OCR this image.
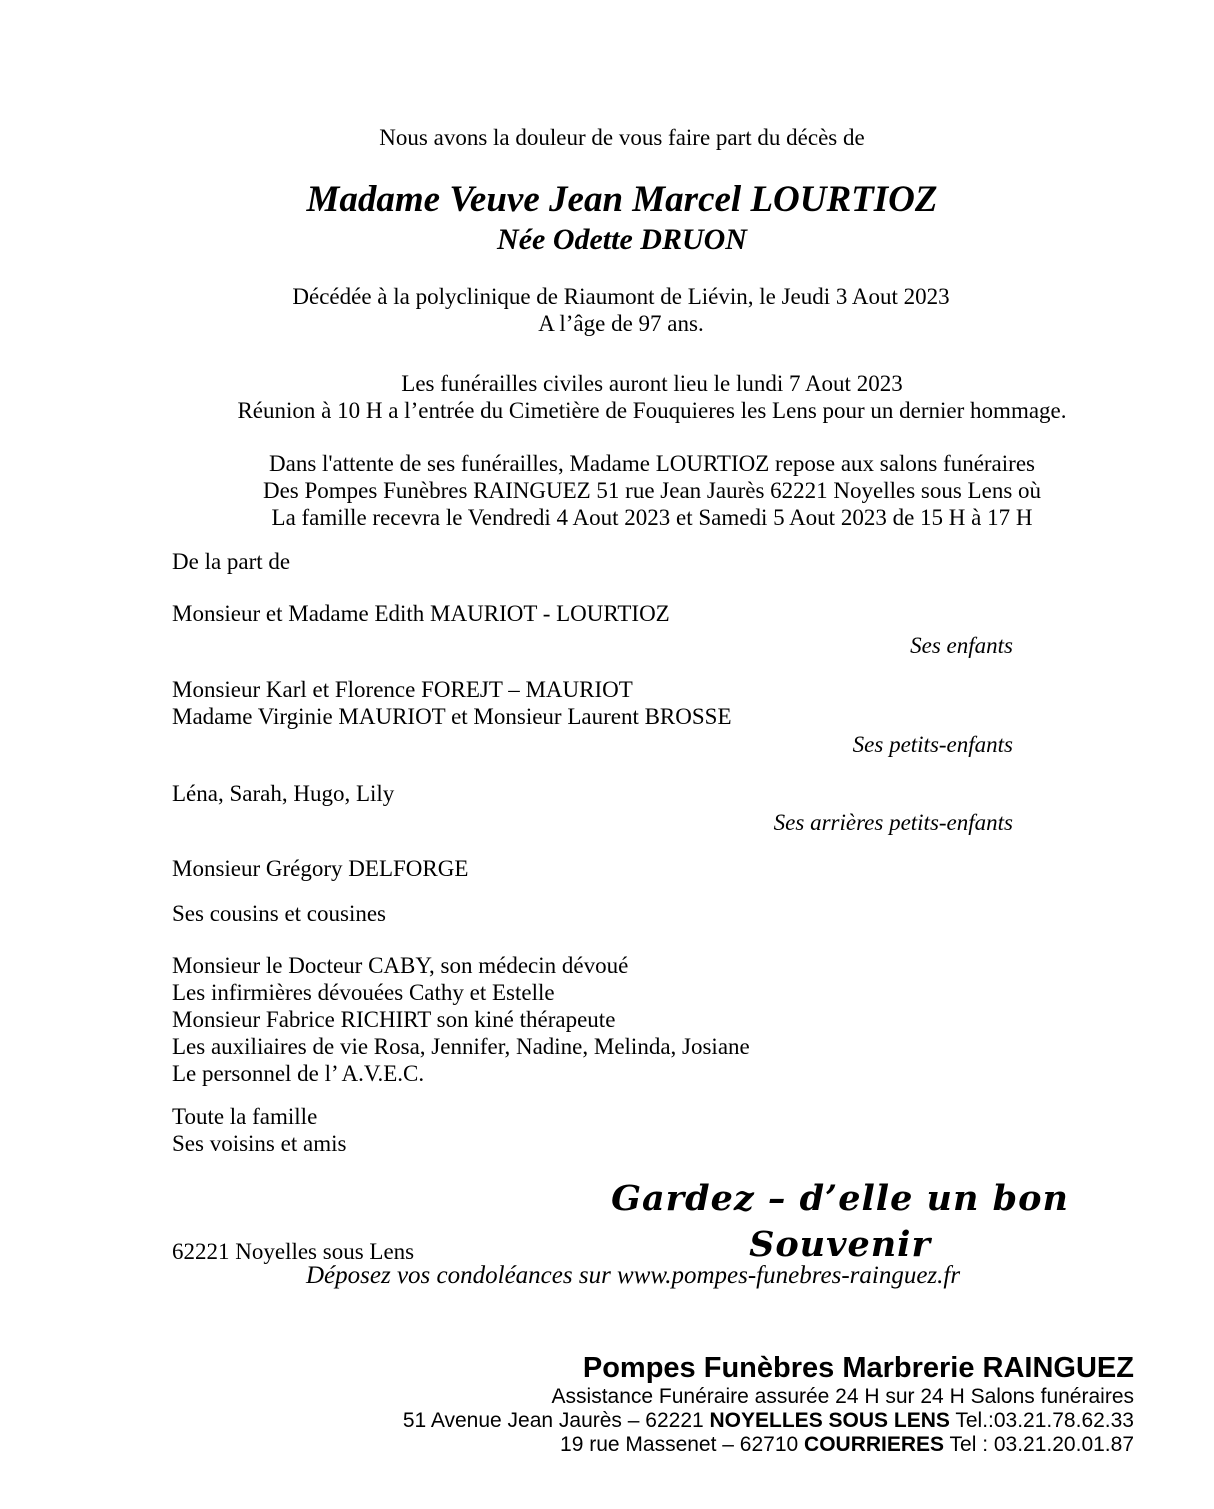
Nous avons la douleur de vous faire part du décès de
Madame Veuve Jean Marcel LOURTIOZ
Née Odette DRUON
Décédée à la polyclinique de Riaumont de Liévin, le Jeudi 3 Aout 2023
A l’âge de 97 ans.
Les funérailles civiles auront lieu le lundi 7 Aout 2023
Réunion à 10 H a l’entrée du Cimetière de Fouquieres les Lens pour un dernier hommage.
Dans l'attente de ses funérailles, Madame LOURTIOZ repose aux salons funéraires
Des Pompes Funèbres RAINGUEZ 51 rue Jean Jaurès 62221 Noyelles sous Lens où
La famille recevra le Vendredi 4 Aout 2023 et Samedi 5 Aout 2023 de 15 H à 17 H
De la part de
Monsieur et Madame Edith MAURIOT - LOURTIOZ
Ses enfants
Monsieur Karl et Florence FOREJT – MAURIOT
Madame Virginie MAURIOT et Monsieur Laurent BROSSE
Ses petits-enfants
Léna, Sarah, Hugo, Lily
Ses arrières petits-enfants
Monsieur Grégory DELFORGE
Ses cousins et cousines
Monsieur le Docteur CABY, son médecin dévoué
Les infirmières dévouées Cathy et Estelle
Monsieur Fabrice RICHIRT son kiné thérapeute
Les auxiliaires de vie Rosa, Jennifer, Nadine, Melinda, Josiane
Le personnel de l’ A.V.E.C.
Toute la famille
Ses voisins et amis
Gardez – d’elle un bon Souvenir
62221 Noyelles sous Lens
Déposez vos condoléances sur www.pompes-funebres-rainguez.fr
Pompes Funèbres Marbrerie RAINGUEZ
Assistance Funéraire assurée 24 H sur 24 H Salons funéraires
51 Avenue Jean Jaurès – 62221 NOYELLES SOUS LENS Tel.:03.21.78.62.33
19 rue Massenet – 62710 COURRIERES Tel : 03.21.20.01.87
